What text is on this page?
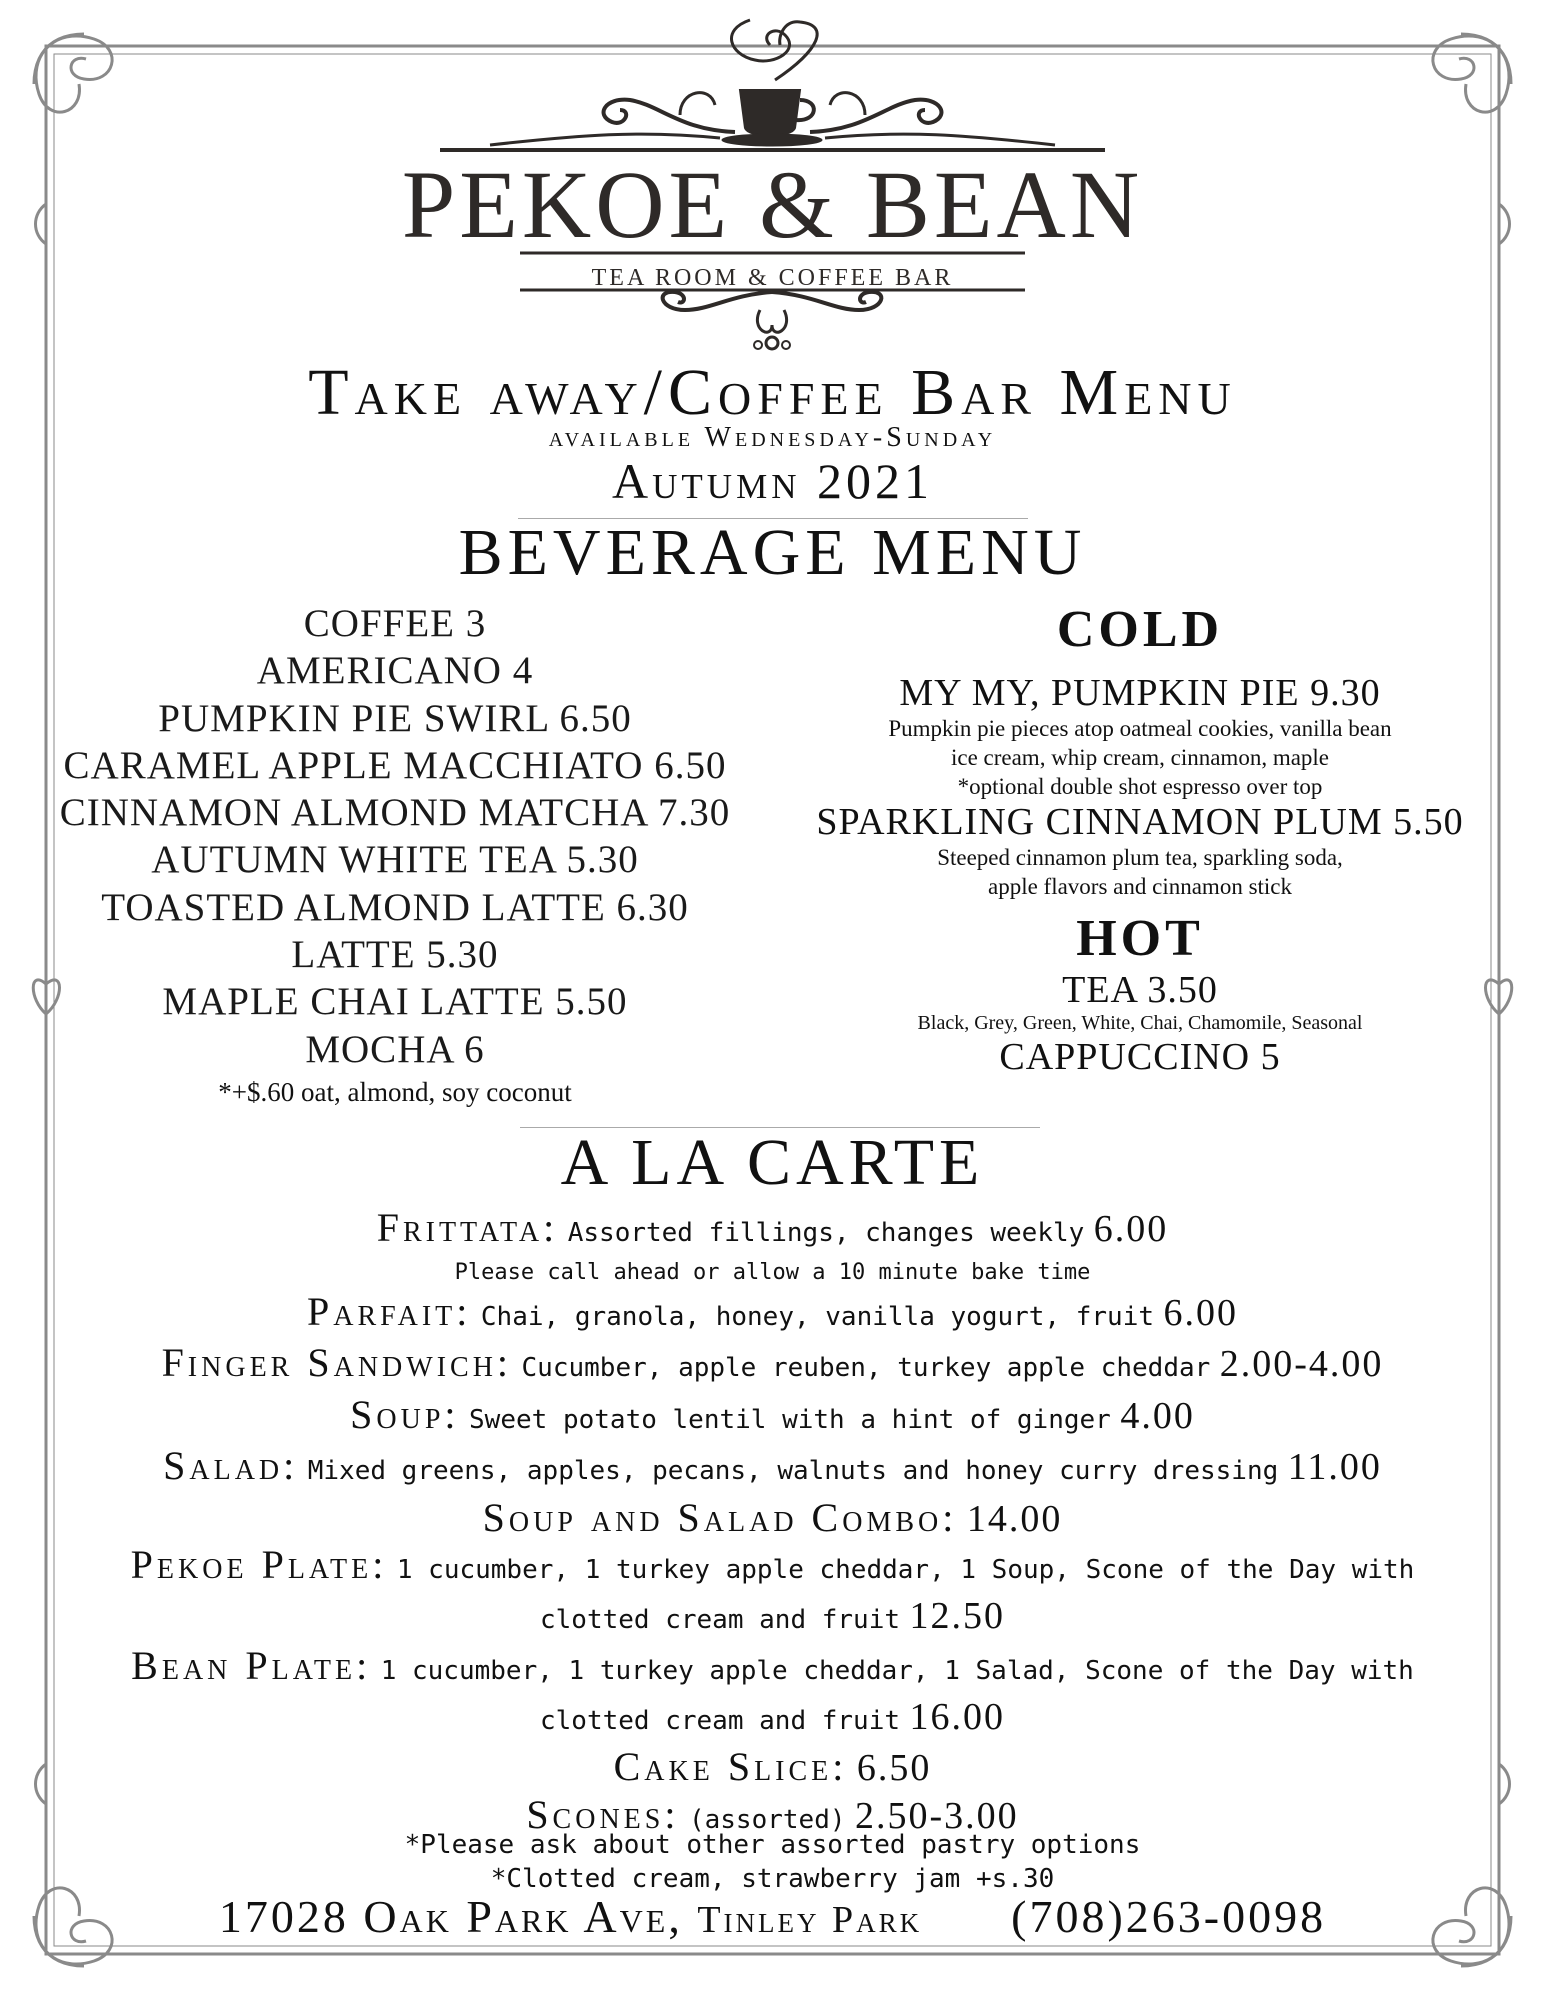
PEKOE & BEAN
TEA ROOM & COFFEE BAR
Take away/Coffee Bar Menu
available Wednesday-Sunday
Autumn 2021
BEVERAGE MENU
COFFEE 3
AMERICANO 4
PUMPKIN PIE SWIRL 6.50
CARAMEL APPLE MACCHIATO 6.50
CINNAMON ALMOND MATCHA 7.30
AUTUMN WHITE TEA 5.30
TOASTED ALMOND LATTE 6.30
LATTE 5.30
MAPLE CHAI LATTE 5.50
MOCHA 6
*+$.60 oat, almond, soy coconut
COLD
MY MY, PUMPKIN PIE 9.30
Pumpkin pie pieces atop oatmeal cookies, vanilla bean
ice cream, whip cream, cinnamon, maple
*optional double shot espresso over top
SPARKLING CINNAMON PLUM 5.50
Steeped cinnamon plum tea, sparkling soda,
apple flavors and cinnamon stick
HOT
TEA 3.50
Black, Grey, Green, White, Chai, Chamomile, Seasonal
CAPPUCCINO 5
A LA CARTE
Frittata: Assorted fillings, changes weekly 6.00
Please call ahead or allow a 10 minute bake time
Parfait: Chai, granola, honey, vanilla yogurt, fruit 6.00
Finger Sandwich: Cucumber, apple reuben, turkey apple cheddar 2.00-4.00
Soup: Sweet potato lentil with a hint of ginger 4.00
Salad: Mixed greens, apples, pecans, walnuts and honey curry dressing 11.00
Soup and Salad Combo: 14.00
Pekoe Plate: 1 cucumber, 1 turkey apple cheddar, 1 Soup, Scone of the Day with
clotted cream and fruit 12.50
Bean Plate: 1 cucumber, 1 turkey apple cheddar, 1 Salad, Scone of the Day with
clotted cream and fruit 16.00
Cake Slice: 6.50
Scones: (assorted) 2.50-3.00
*Please ask about other assorted pastry options
*Clotted cream, strawberry jam +s.30
17028 Oak Park Ave, Tinley Park (708)263-0098
